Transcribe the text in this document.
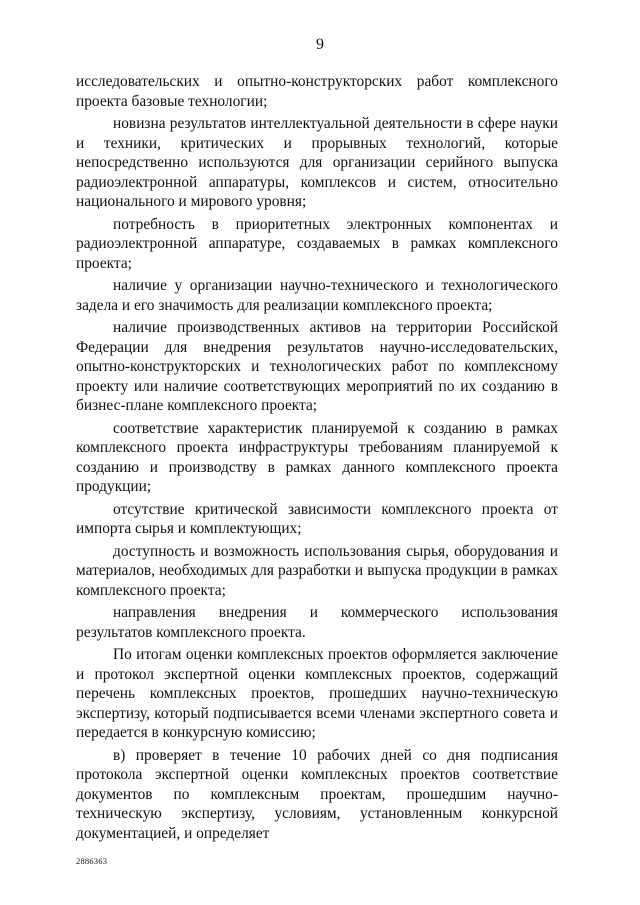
9

исследовательских и опытно-конструкторских работ комплексного проекта базовые технологии;

новизна результатов интеллектуальной деятельности в сфере науки и техники, критических и прорывных технологий, которые непосредственно используются для организации серийного выпуска радиоэлектронной аппаратуры, комплексов и систем, относительно национального и мирового уровня;

потребность в приоритетных электронных компонентах и радиоэлектронной аппаратуре, создаваемых в рамках комплексного проекта;

наличие у организации научно-технического и технологического задела и его значимость для реализации комплексного проекта;

наличие производственных активов на территории Российской Федерации для внедрения результатов научно-исследовательских, опытно-конструкторских и технологических работ по комплексному проекту или наличие соответствующих мероприятий по их созданию в бизнес-плане комплексного проекта;

соответствие характеристик планируемой к созданию в рамках комплексного проекта инфраструктуры требованиям планируемой к созданию и производству в рамках данного комплексного проекта продукции;

отсутствие критической зависимости комплексного проекта от импорта сырья и комплектующих;

доступность и возможность использования сырья, оборудования и материалов, необходимых для разработки и выпуска продукции в рамках комплексного проекта;

направления внедрения и коммерческого использования результатов комплексного проекта.

По итогам оценки комплексных проектов оформляется заключение и протокол экспертной оценки комплексных проектов, содержащий перечень комплексных проектов, прошедших научно-техническую экспертизу, который подписывается всеми членами экспертного совета и передается в конкурсную комиссию;

в) проверяет в течение 10 рабочих дней со дня подписания протокола экспертной оценки комплексных проектов соответствие документов по комплексным проектам, прошедшим научно-техническую экспертизу, условиям, установленным конкурсной документацией, и определяет

2886363
